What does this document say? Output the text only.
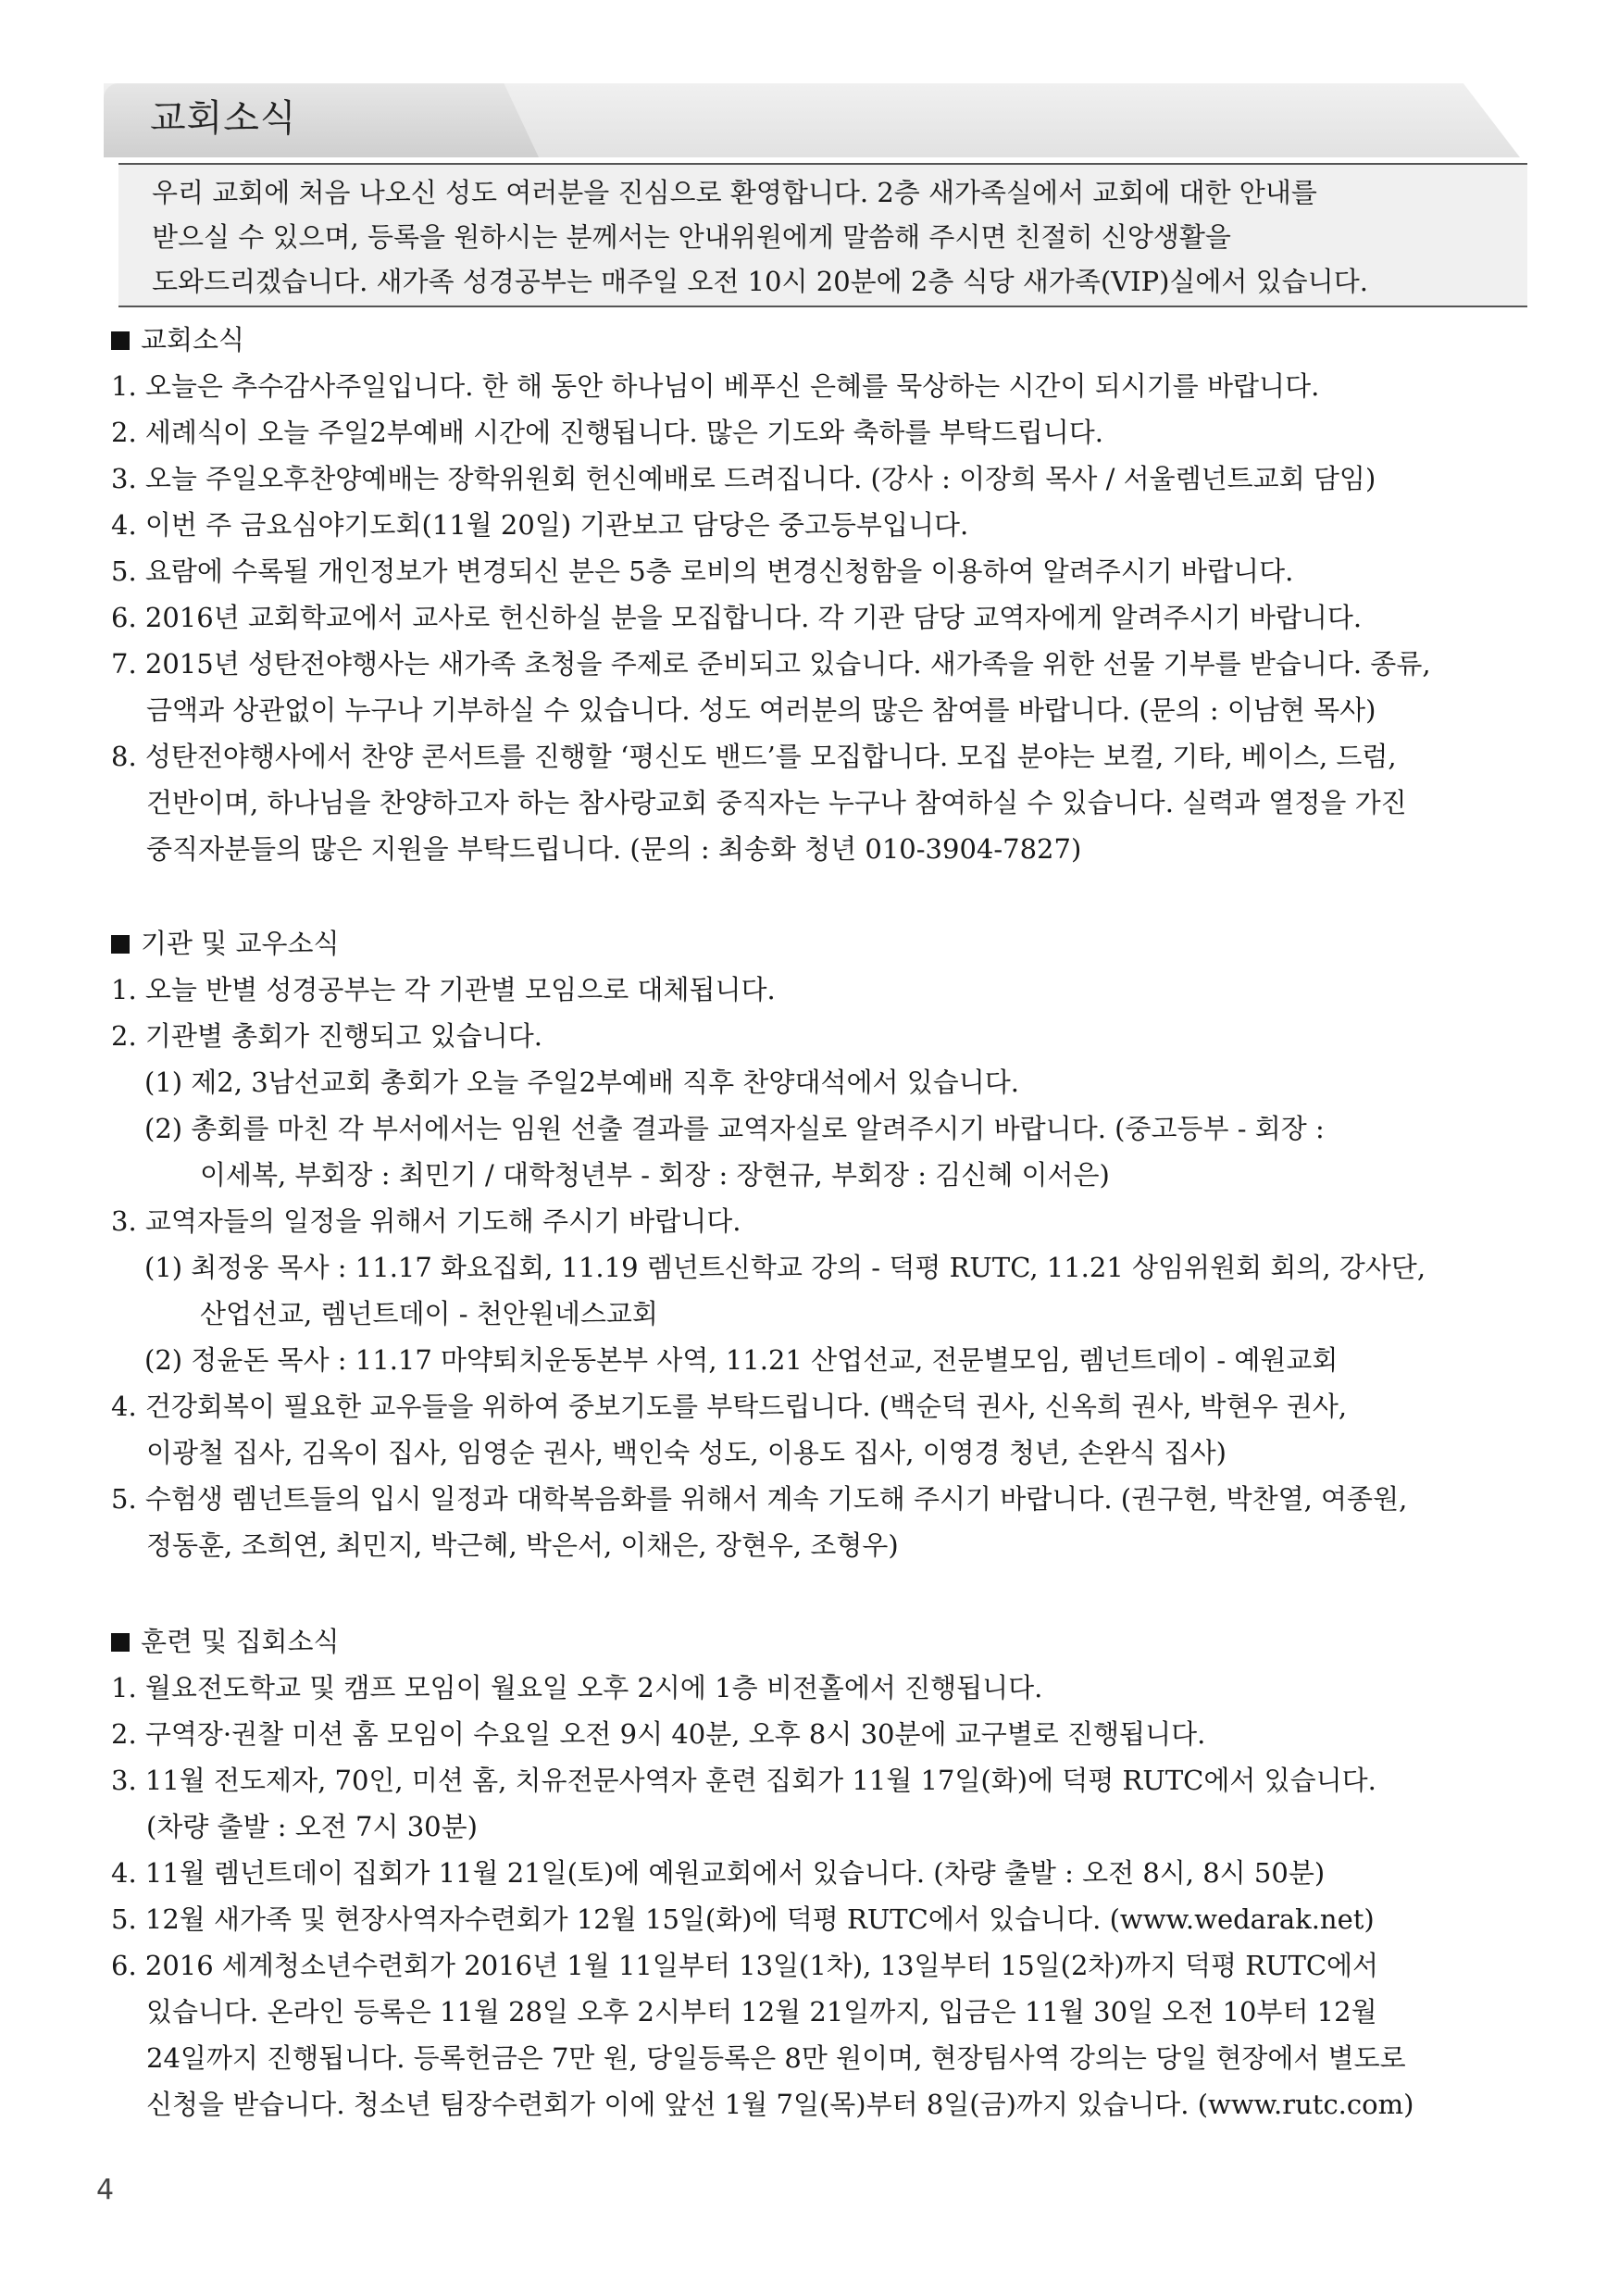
교회소식
우리 교회에 처음 나오신 성도 여러분을 진심으로 환영합니다. 2층 새가족실에서 교회에 대한 안내를
받으실 수 있으며, 등록을 원하시는 분께서는 안내위원에게 말씀해 주시면 친절히 신앙생활을
도와드리겠습니다. 새가족 성경공부는 매주일 오전 10시 20분에 2층 식당 새가족(VIP)실에서 있습니다.
교회소식
1. 오늘은 추수감사주일입니다. 한 해 동안 하나님이 베푸신 은혜를 묵상하는 시간이 되시기를 바랍니다.
2. 세례식이 오늘 주일2부예배 시간에 진행됩니다. 많은 기도와 축하를 부탁드립니다.
3. 오늘 주일오후찬양예배는 장학위원회 헌신예배로 드려집니다. (강사 : 이장희 목사 / 서울렘넌트교회 담임)
4. 이번 주 금요심야기도회(11월 20일) 기관보고 담당은 중고등부입니다.
5. 요람에 수록될 개인정보가 변경되신 분은 5층 로비의 변경신청함을 이용하여 알려주시기 바랍니다.
6. 2016년 교회학교에서 교사로 헌신하실 분을 모집합니다. 각 기관 담당 교역자에게 알려주시기 바랍니다.
7. 2015년 성탄전야행사는 새가족 초청을 주제로 준비되고 있습니다. 새가족을 위한 선물 기부를 받습니다. 종류,
금액과 상관없이 누구나 기부하실 수 있습니다. 성도 여러분의 많은 참여를 바랍니다. (문의 : 이남현 목사)
8. 성탄전야행사에서 찬양 콘서트를 진행할 ‘평신도 밴드’를 모집합니다. 모집 분야는 보컬, 기타, 베이스, 드럼,
건반이며, 하나님을 찬양하고자 하는 참사랑교회 중직자는 누구나 참여하실 수 있습니다. 실력과 열정을 가진
중직자분들의 많은 지원을 부탁드립니다. (문의 : 최송화 청년 010-3904-7827)
기관 및 교우소식
1. 오늘 반별 성경공부는 각 기관별 모임으로 대체됩니다.
2. 기관별 총회가 진행되고 있습니다.
(1) 제2, 3남선교회 총회가 오늘 주일2부예배 직후 찬양대석에서 있습니다.
(2) 총회를 마친 각 부서에서는 임원 선출 결과를 교역자실로 알려주시기 바랍니다. (중고등부 - 회장 :
이세복, 부회장 : 최민기 / 대학청년부 - 회장 : 장현규, 부회장 : 김신혜 이서은)
3. 교역자들의 일정을 위해서 기도해 주시기 바랍니다.
(1) 최정웅 목사 : 11.17 화요집회, 11.19 렘넌트신학교 강의 - 덕평 RUTC, 11.21 상임위원회 회의, 강사단,
산업선교, 렘넌트데이 - 천안원네스교회
(2) 정윤돈 목사 : 11.17 마약퇴치운동본부 사역, 11.21 산업선교, 전문별모임, 렘넌트데이 - 예원교회
4. 건강회복이 필요한 교우들을 위하여 중보기도를 부탁드립니다. (백순덕 권사, 신옥희 권사, 박현우 권사,
이광철 집사, 김옥이 집사, 임영순 권사, 백인숙 성도, 이용도 집사, 이영경 청년, 손완식 집사)
5. 수험생 렘넌트들의 입시 일정과 대학복음화를 위해서 계속 기도해 주시기 바랍니다. (권구현, 박찬열, 여종원,
정동훈, 조희연, 최민지, 박근혜, 박은서, 이채은, 장현우, 조형우)
훈련 및 집회소식
1. 월요전도학교 및 캠프 모임이 월요일 오후 2시에 1층 비전홀에서 진행됩니다.
2. 구역장·권찰 미션 홈 모임이 수요일 오전 9시 40분, 오후 8시 30분에 교구별로 진행됩니다.
3. 11월 전도제자, 70인, 미션 홈, 치유전문사역자 훈련 집회가 11월 17일(화)에 덕평 RUTC에서 있습니다.
(차량 출발 : 오전 7시 30분)
4. 11월 렘넌트데이 집회가 11월 21일(토)에 예원교회에서 있습니다. (차량 출발 : 오전 8시, 8시 50분)
5. 12월 새가족 및 현장사역자수련회가 12월 15일(화)에 덕평 RUTC에서 있습니다. (www.wedarak.net)
6. 2016 세계청소년수련회가 2016년 1월 11일부터 13일(1차), 13일부터 15일(2차)까지 덕평 RUTC에서
있습니다. 온라인 등록은 11월 28일 오후 2시부터 12월 21일까지, 입금은 11월 30일 오전 10부터 12월
24일까지 진행됩니다. 등록헌금은 7만 원, 당일등록은 8만 원이며, 현장팀사역 강의는 당일 현장에서 별도로
신청을 받습니다. 청소년 팀장수련회가 이에 앞선 1월 7일(목)부터 8일(금)까지 있습니다. (www.rutc.com)
4
